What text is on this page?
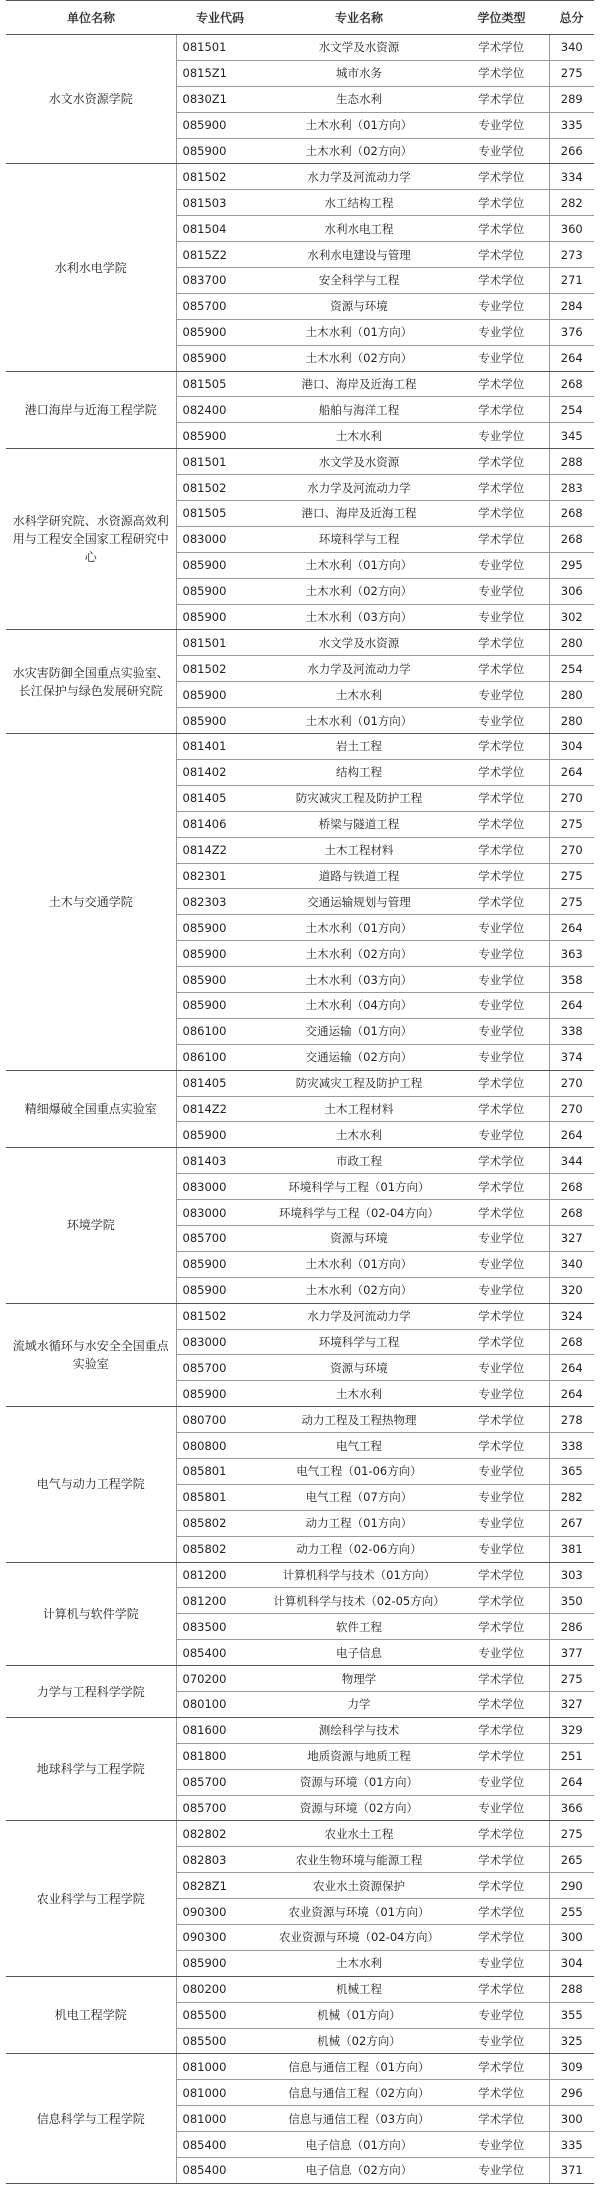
单位名称	专业代码	专业名称	学位类型	总分
水文水资源学院	081501	水文学及水资源	学术学位	340
	0815Z1	城市水务	学术学位	275
	0830Z1	生态水利	学术学位	289
	085900	土木水利（01方向）	专业学位	335
	085900	土木水利（02方向）	专业学位	266
水利水电学院	081502	水力学及河流动力学	学术学位	334
	081503	水工结构工程	学术学位	282
	081504	水利水电工程	学术学位	360
	0815Z2	水利水电建设与管理	学术学位	273
	083700	安全科学与工程	学术学位	271
	085700	资源与环境	专业学位	284
	085900	土木水利（01方向）	专业学位	376
	085900	土木水利（02方向）	专业学位	264
港口海岸与近海工程学院	081505	港口、海岸及近海工程	学术学位	268
	082400	船舶与海洋工程	学术学位	254
	085900	土木水利	专业学位	345
水科学研究院、水资源高效利用与工程安全国家工程研究中心	081501	水文学及水资源	学术学位	288
	081502	水力学及河流动力学	学术学位	283
	081505	港口、海岸及近海工程	学术学位	268
	083000	环境科学与工程	学术学位	268
	085900	土木水利（01方向）	专业学位	295
	085900	土木水利（02方向）	专业学位	306
	085900	土木水利（03方向）	专业学位	302
水灾害防御全国重点实验室、长江保护与绿色发展研究院	081501	水文学及水资源	学术学位	280
	081502	水力学及河流动力学	学术学位	254
	085900	土木水利	专业学位	280
	085900	土木水利（01方向）	专业学位	280
土木与交通学院	081401	岩土工程	学术学位	304
	081402	结构工程	学术学位	264
	081405	防灾减灾工程及防护工程	学术学位	270
	081406	桥梁与隧道工程	学术学位	275
	0814Z2	土木工程材料	学术学位	270
	082301	道路与铁道工程	学术学位	275
	082303	交通运输规划与管理	学术学位	275
	085900	土木水利（01方向）	专业学位	264
	085900	土木水利（02方向）	专业学位	363
	085900	土木水利（03方向）	专业学位	358
	085900	土木水利（04方向）	专业学位	264
	086100	交通运输（01方向）	专业学位	338
	086100	交通运输（02方向）	专业学位	374
精细爆破全国重点实验室	081405	防灾减灾工程及防护工程	学术学位	270
	0814Z2	土木工程材料	学术学位	270
	085900	土木水利	专业学位	264
环境学院	081403	市政工程	学术学位	344
	083000	环境科学与工程（01方向）	学术学位	268
	083000	环境科学与工程（02-04方向）	学术学位	268
	085700	资源与环境	专业学位	327
	085900	土木水利（01方向）	专业学位	340
	085900	土木水利（02方向）	专业学位	320
流域水循环与水安全全国重点实验室	081502	水力学及河流动力学	学术学位	324
	083000	环境科学与工程	学术学位	268
	085700	资源与环境	专业学位	264
	085900	土木水利	专业学位	264
电气与动力工程学院	080700	动力工程及工程热物理	学术学位	278
	080800	电气工程	学术学位	338
	085801	电气工程（01-06方向）	专业学位	365
	085801	电气工程（07方向）	专业学位	282
	085802	动力工程（01方向）	专业学位	267
	085802	动力工程（02-06方向）	专业学位	381
计算机与软件学院	081200	计算机科学与技术（01方向）	学术学位	303
	081200	计算机科学与技术（02-05方向）	学术学位	350
	083500	软件工程	学术学位	286
	085400	电子信息	专业学位	377
力学与工程科学学院	070200	物理学	学术学位	275
	080100	力学	学术学位	327
地球科学与工程学院	081600	测绘科学与技术	学术学位	329
	081800	地质资源与地质工程	学术学位	251
	085700	资源与环境（01方向）	专业学位	264
	085700	资源与环境（02方向）	专业学位	366
农业科学与工程学院	082802	农业水土工程	学术学位	275
	082803	农业生物环境与能源工程	学术学位	265
	0828Z1	农业水土资源保护	学术学位	290
	090300	农业资源与环境（01方向）	学术学位	255
	090300	农业资源与环境（02-04方向）	学术学位	300
	085900	土木水利	专业学位	304
机电工程学院	080200	机械工程	学术学位	288
	085500	机械（01方向）	专业学位	355
	085500	机械（02方向）	专业学位	325
信息科学与工程学院	081000	信息与通信工程（01方向）	学术学位	309
	081000	信息与通信工程（02方向）	学术学位	296
	081000	信息与通信工程（03方向）	学术学位	300
	085400	电子信息（01方向）	专业学位	335
	085400	电子信息（02方向）	专业学位	371
